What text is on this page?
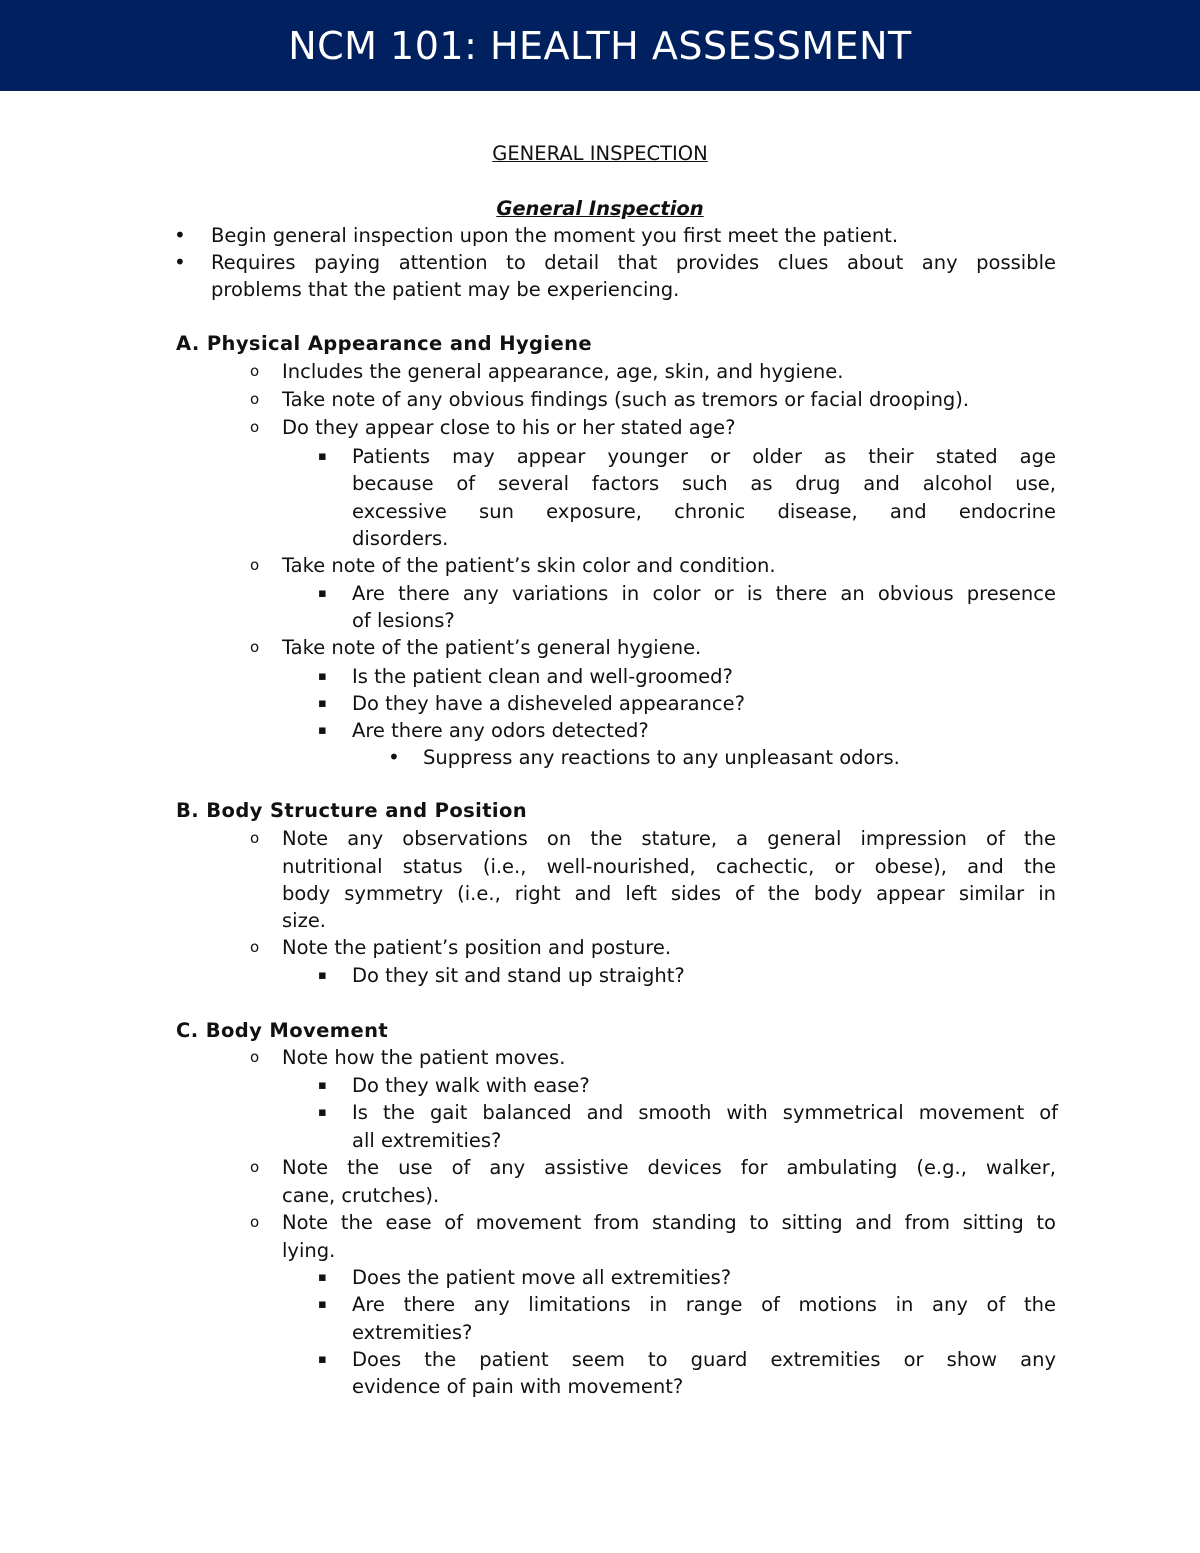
NCM 101: HEALTH ASSESSMENT
GENERAL INSPECTION
General Inspection
• Begin general inspection upon the moment you first meet the patient.
• Requires paying attention to detail that provides clues about any possible
problems that the patient may be experiencing.
A. Physical Appearance and Hygiene
o Includes the general appearance, age, skin, and hygiene.
o Take note of any obvious findings (such as tremors or facial drooping).
o Do they appear close to his or her stated age?
▪ Patients may appear younger or older as their stated age
because of several factors such as drug and alcohol use,
excessive sun exposure, chronic disease, and endocrine
disorders.
o Take note of the patient’s skin color and condition.
▪ Are there any variations in color or is there an obvious presence
of lesions?
o Take note of the patient’s general hygiene.
▪ Is the patient clean and well-groomed?
▪ Do they have a disheveled appearance?
▪ Are there any odors detected?
• Suppress any reactions to any unpleasant odors.
B. Body Structure and Position
o Note any observations on the stature, a general impression of the
nutritional status (i.e., well-nourished, cachectic, or obese), and the
body symmetry (i.e., right and left sides of the body appear similar in
size.
o Note the patient’s position and posture.
▪ Do they sit and stand up straight?
C. Body Movement
o Note how the patient moves.
▪ Do they walk with ease?
▪ Is the gait balanced and smooth with symmetrical movement of
all extremities?
o Note the use of any assistive devices for ambulating (e.g., walker,
cane, crutches).
o Note the ease of movement from standing to sitting and from sitting to
lying.
▪ Does the patient move all extremities?
▪ Are there any limitations in range of motions in any of the
extremities?
▪ Does the patient seem to guard extremities or show any
evidence of pain with movement?
